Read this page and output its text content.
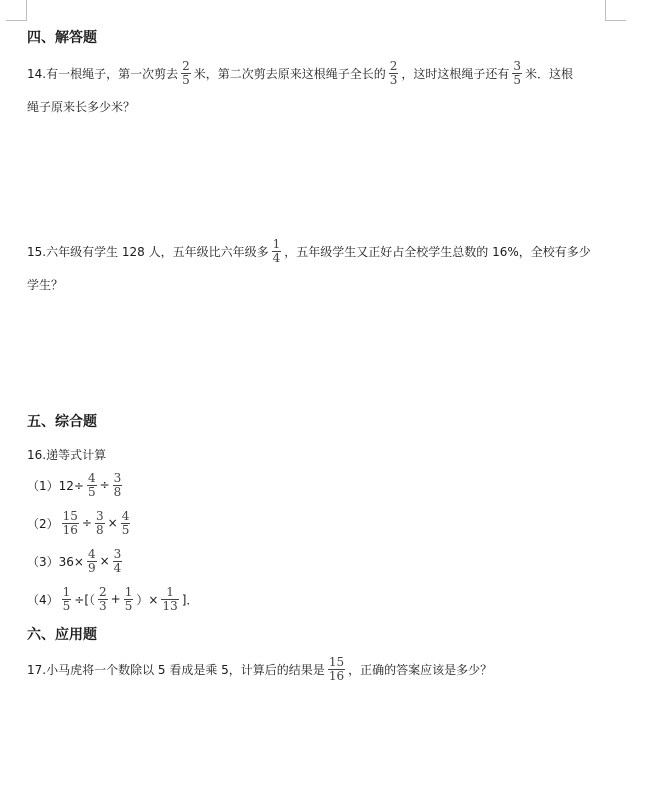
四、解答题
14.有一根绳子，第一次剪去 $\frac{2}{5}$ 米，第二次剪去原来这根绳子全长的 $\frac{2}{3}$ ，这时这根绳子还有 $\frac{3}{5}$ 米．这根
绳子原来长多少米？
15.六年级有学生 128 人，五年级比六年级多 $\frac{1}{4}$ ，五年级学生又正好占全校学生总数的 16%，全校有多少
学生？
五、综合题
16.递等式计算
$(1)12\div \frac{4}{5} \div \frac{3}{8}$
$(2) \frac{15}{16} \div \frac{3}{8} \times \frac{4}{5}$
$(3)36\times \frac{4}{9} \times \frac{3}{4}$
$(4) \frac{1}{5}$ ÷[（ $\frac{2}{3} + \frac{1}{5}$ ）× $\frac{1}{13}$ ]．
六、应用题
17.小马虎将一个数除以 5 看成是乘 5，计算后的结果是 $\frac{15}{16}$ ，正确的答案应该是多少？
